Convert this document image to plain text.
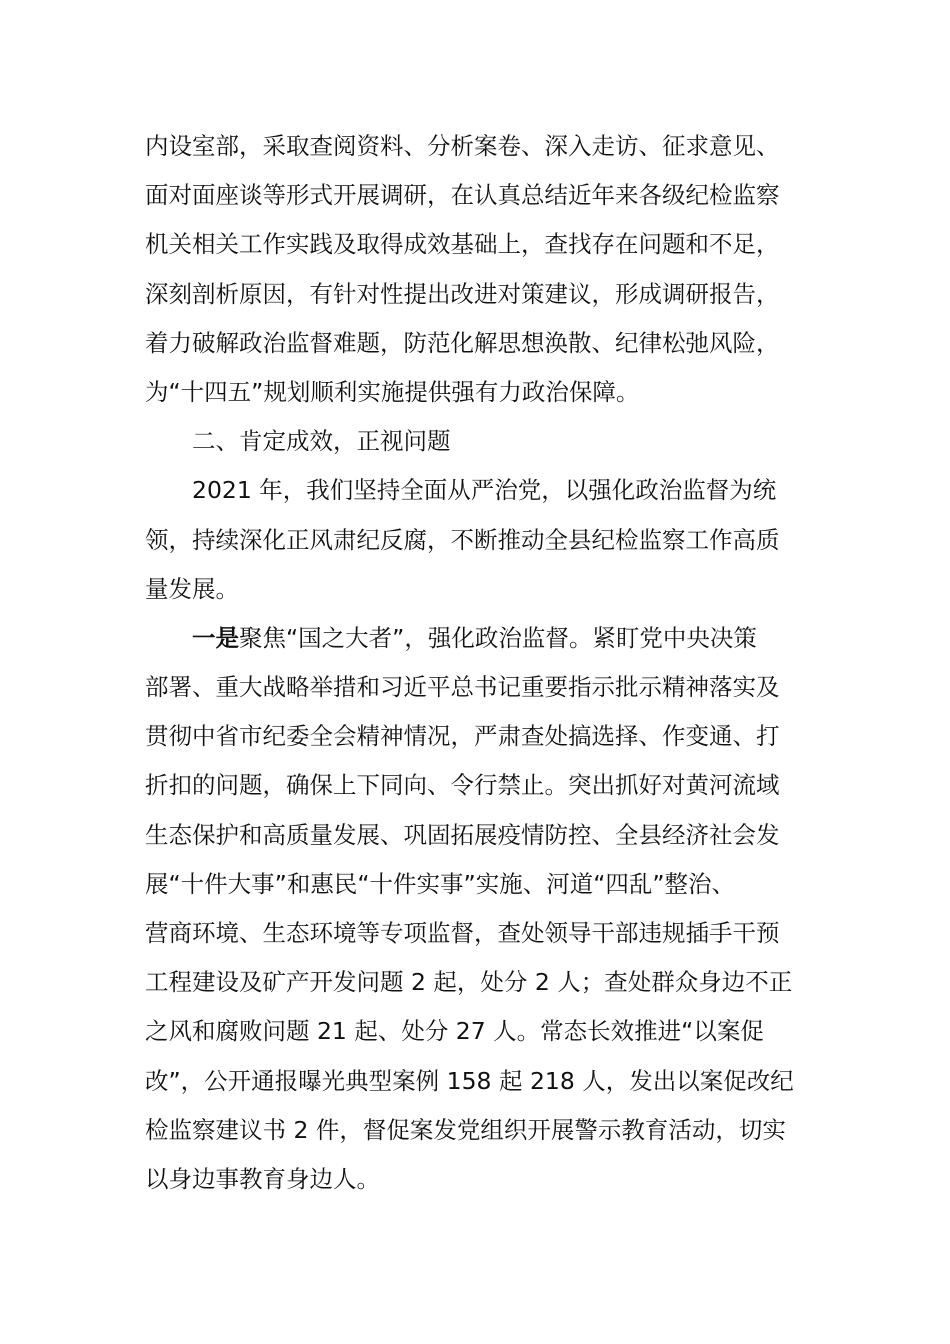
内设室部，采取查阅资料、分析案卷、深入走访、征求意见、
面对面座谈等形式开展调研，在认真总结近年来各级纪检监察
机关相关工作实践及取得成效基础上，查找存在问题和不足，
深刻剖析原因，有针对性提出改进对策建议，形成调研报告，
着力破解政治监督难题，防范化解思想涣散、纪律松弛风险，
为“十四五”规划顺利实施提供强有力政治保障。
二、肯定成效，正视问题
2021 年，我们坚持全面从严治党，以强化政治监督为统
领，持续深化正风肃纪反腐，不断推动全县纪检监察工作高质
量发展。
一是聚焦“国之大者”，强化政治监督。紧盯党中央决策
部署、重大战略举措和习近平总书记重要指示批示精神落实及
贯彻中省市纪委全会精神情况，严肃查处搞选择、作变通、打
折扣的问题，确保上下同向、令行禁止。突出抓好对黄河流域
生态保护和高质量发展、巩固拓展疫情防控、全县经济社会发
展“十件大事”和惠民“十件实事”实施、河道“四乱”整治、
营商环境、生态环境等专项监督，查处领导干部违规插手干预
工程建设及矿产开发问题 2 起，处分 2 人；查处群众身边不正
之风和腐败问题 21 起、处分 27 人。常态长效推进“以案促
改”，公开通报曝光典型案例 158 起 218 人，发出以案促改纪
检监察建议书 2 件，督促案发党组织开展警示教育活动，切实
以身边事教育身边人。
